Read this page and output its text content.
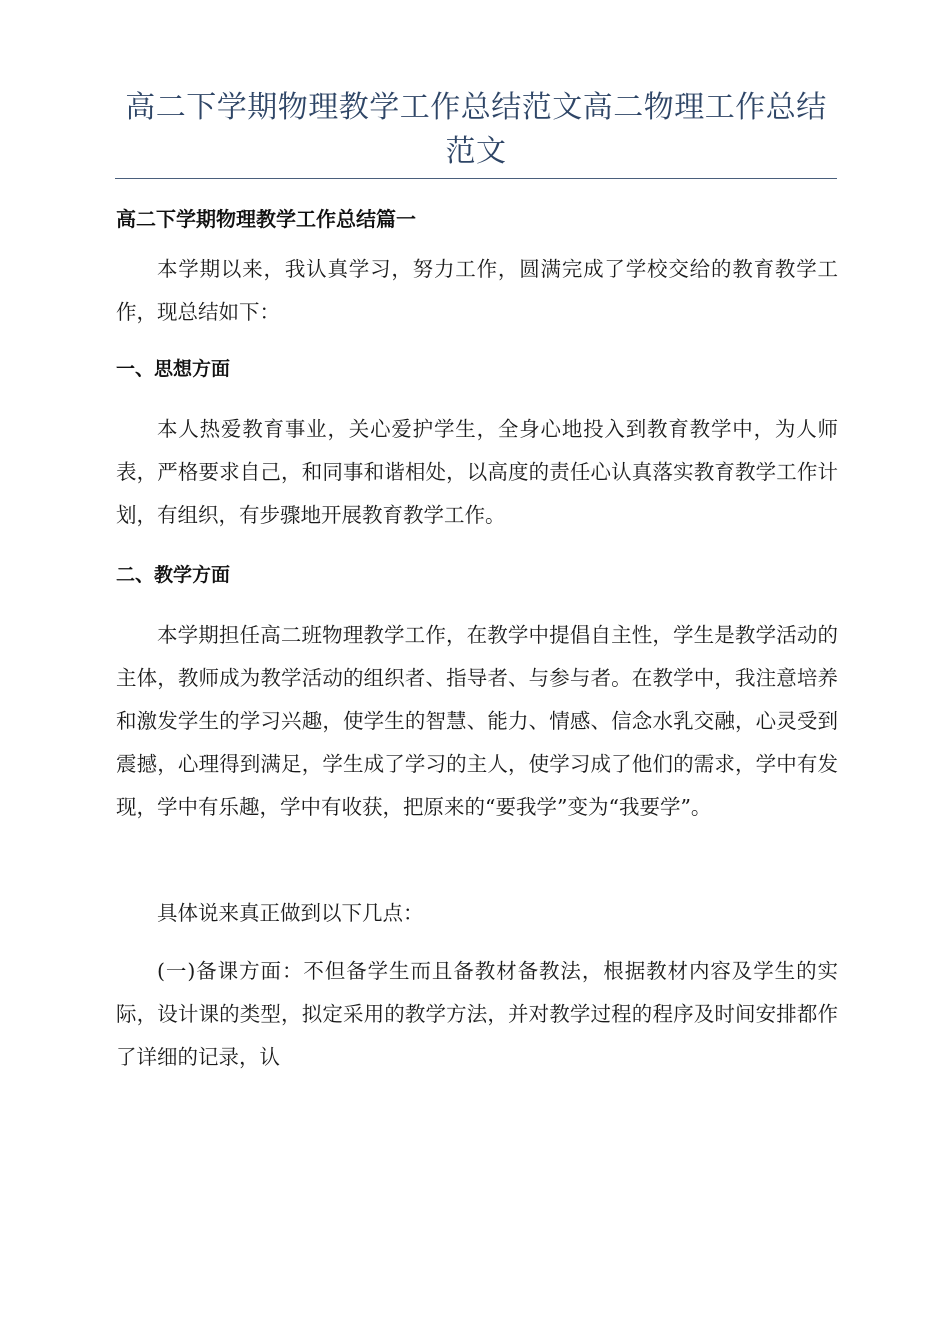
高二下学期物理教学工作总结范文高二物理工作总结范文
高二下学期物理教学工作总结篇一

本学期以来，我认真学习，努力工作，圆满完成了学校交给的教育教学工作，现总结如下：

一、思想方面

本人热爱教育事业，关心爱护学生，全身心地投入到教育教学中，为人师表，严格要求自己，和同事和谐相处，以高度的责任心认真落实教育教学工作计划，有组织，有步骤地开展教育教学工作。

二、教学方面

本学期担任高二班物理教学工作，在教学中提倡自主性，学生是教学活动的主体，教师成为教学活动的组织者、指导者、与参与者。在教学中，我注意培养和激发学生的学习兴趣，使学生的智慧、能力、情感、信念水乳交融，心灵受到震撼，心理得到满足，学生成了学习的主人，使学习成了他们的需求，学中有发现，学中有乐趣，学中有收获，把原来的“要我学”变为“我要学”。

具体说来真正做到以下几点：

(一)备课方面：不但备学生而且备教材备教法，根据教材内容及学生的实际，设计课的类型，拟定采用的教学方法，并对教学过程的程序及时间安排都作了详细的记录，认
